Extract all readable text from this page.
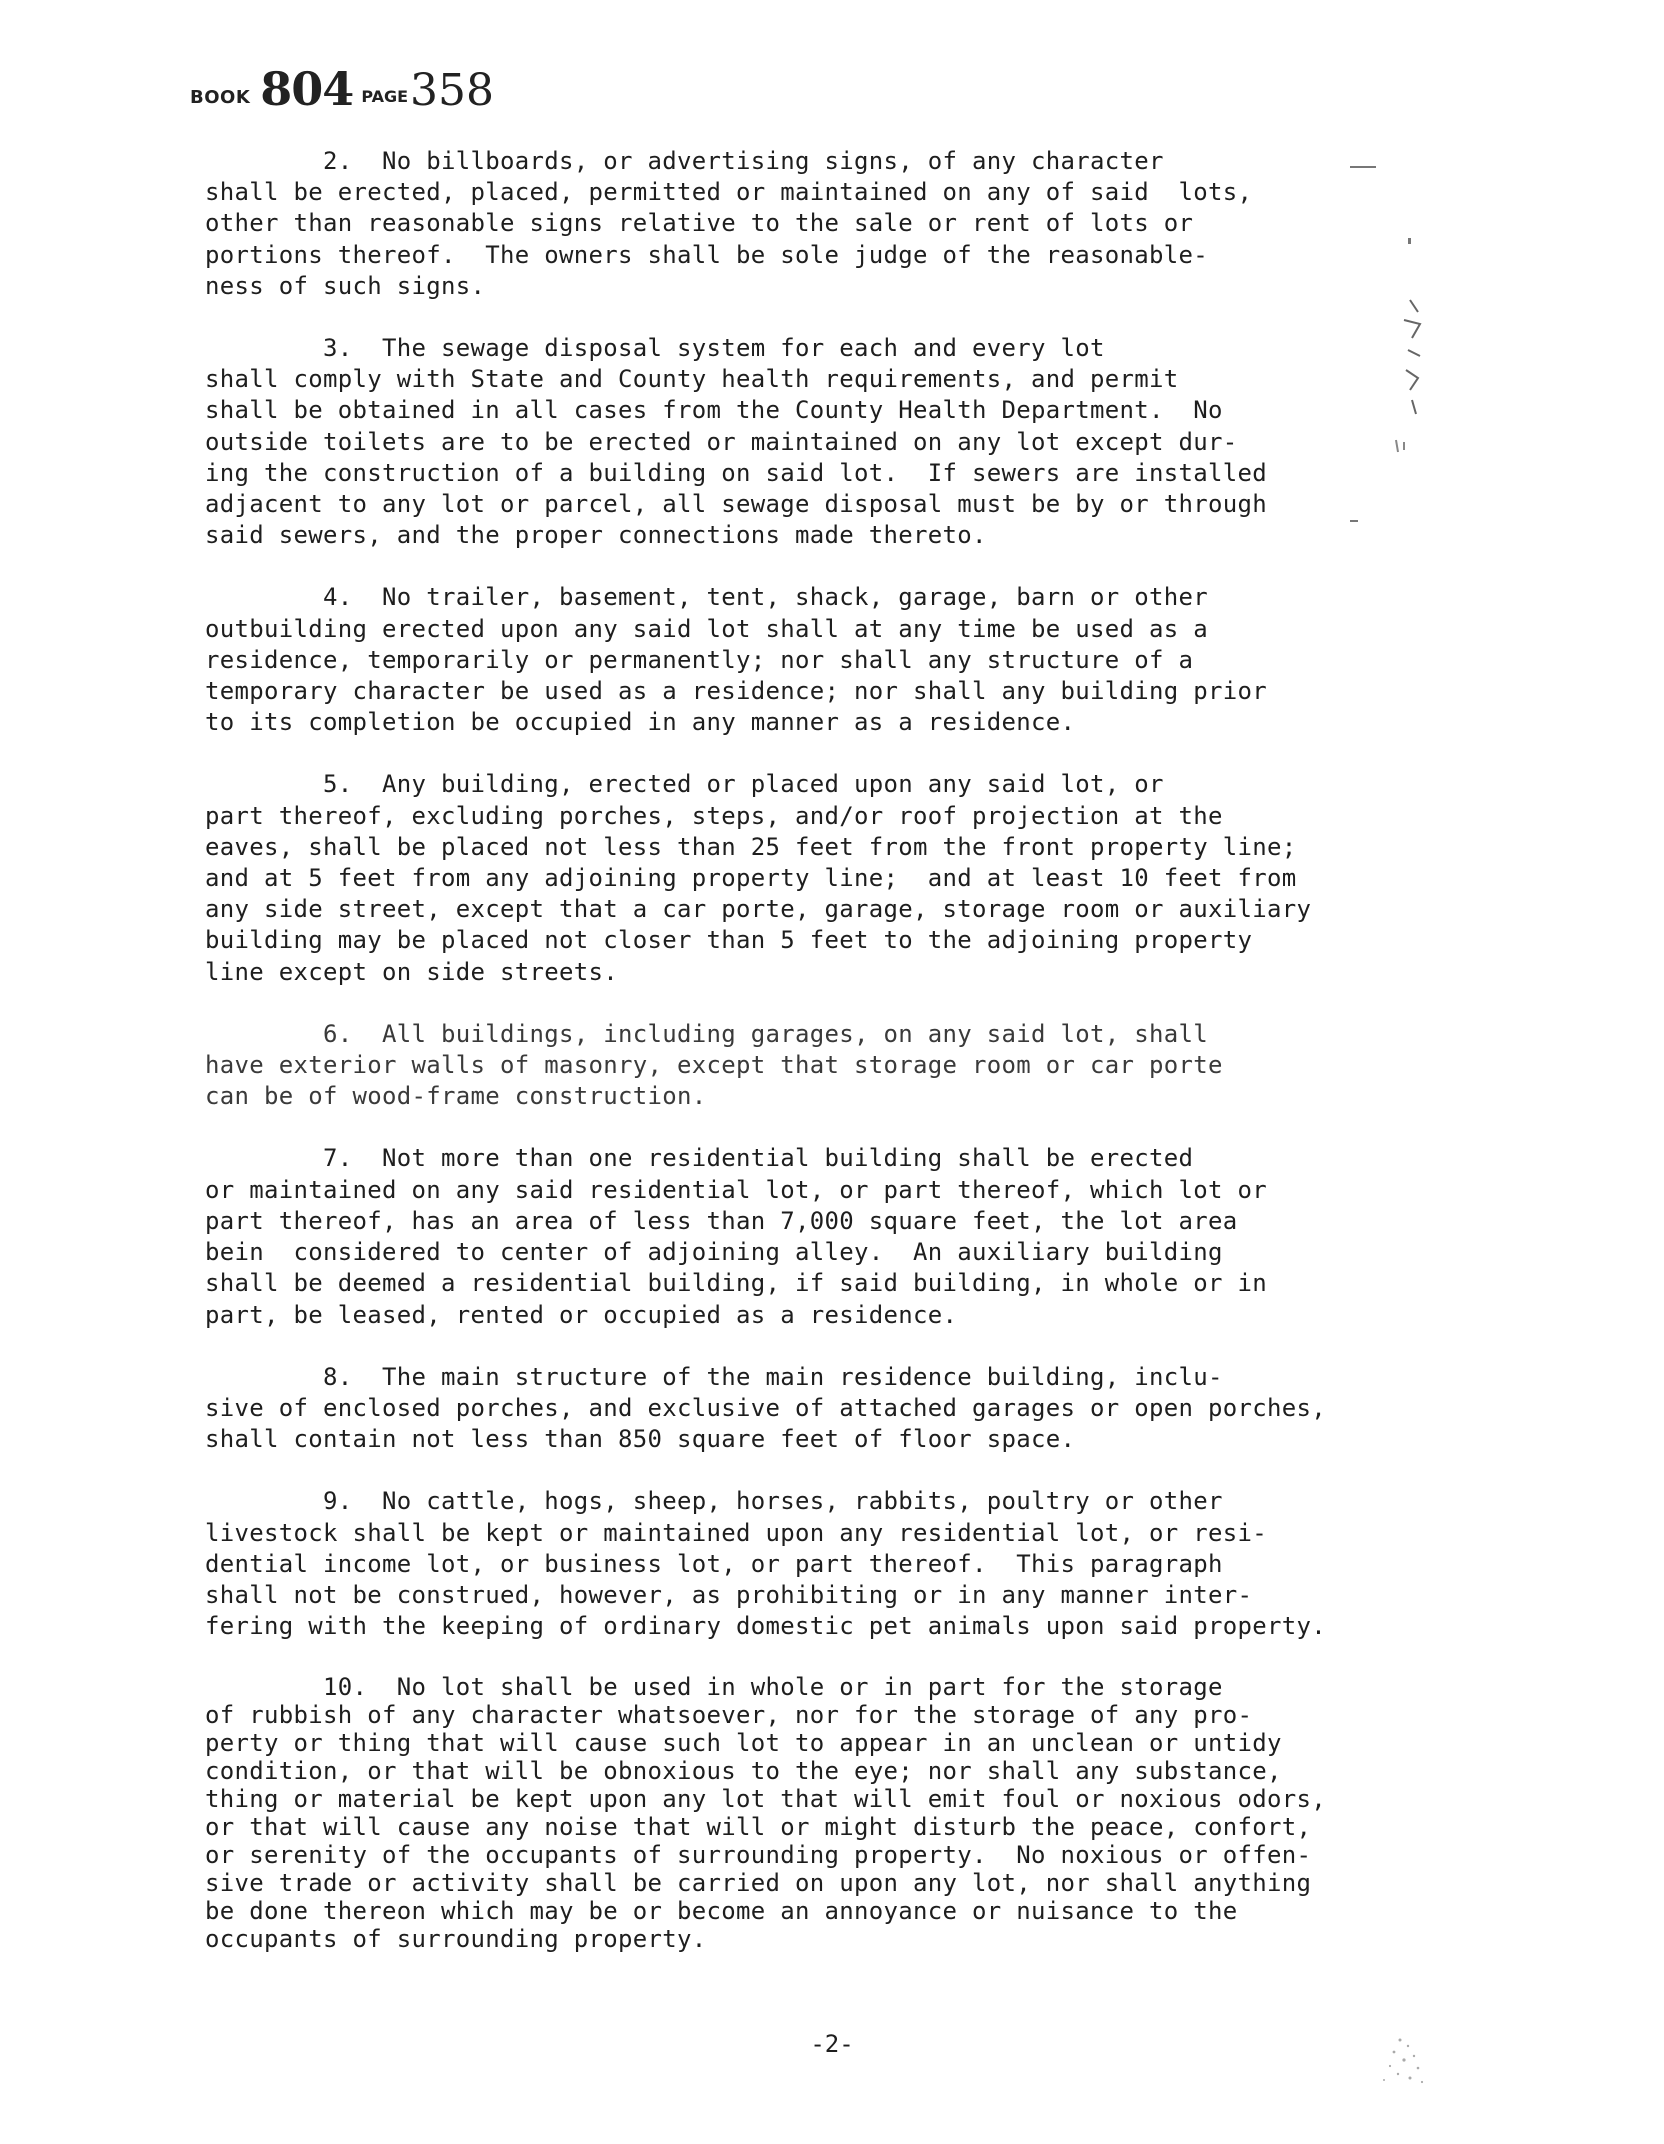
BOOK 804 PAGE 358

2.  No billboards, or advertising signs, of any character
shall be erected, placed, permitted or maintained on any of said  lots,
other than reasonable signs relative to the sale or rent of lots or
portions thereof.  The owners shall be sole judge of the reasonable-
ness of such signs.

3.  The sewage disposal system for each and every lot
shall comply with State and County health requirements, and permit
shall be obtained in all cases from the County Health Department.  No
outside toilets are to be erected or maintained on any lot except dur-
ing the construction of a building on said lot.  If sewers are installed
adjacent to any lot or parcel, all sewage disposal must be by or through
said sewers, and the proper connections made thereto.

4.  No trailer, basement, tent, shack, garage, barn or other
outbuilding erected upon any said lot shall at any time be used as a
residence, temporarily or permanently; nor shall any structure of a
temporary character be used as a residence; nor shall any building prior
to its completion be occupied in any manner as a residence.

5.  Any building, erected or placed upon any said lot, or
part thereof, excluding porches, steps, and/or roof projection at the
eaves, shall be placed not less than 25 feet from the front property line;
and at 5 feet from any adjoining property line;  and at least 10 feet from
any side street, except that a car porte, garage, storage room or auxiliary
building may be placed not closer than 5 feet to the adjoining property
line except on side streets.

6.  All buildings, including garages, on any said lot, shall
have exterior walls of masonry, except that storage room or car porte
can be of wood-frame construction.

7.  Not more than one residential building shall be erected
or maintained on any said residential lot, or part thereof, which lot or
part thereof, has an area of less than 7,000 square feet, the lot area
bein  considered to center of adjoining alley.  An auxiliary building
shall be deemed a residential building, if said building, in whole or in
part, be leased, rented or occupied as a residence.

8.  The main structure of the main residence building, inclu-
sive of enclosed porches, and exclusive of attached garages or open porches,
shall contain not less than 850 square feet of floor space.

9.  No cattle, hogs, sheep, horses, rabbits, poultry or other
livestock shall be kept or maintained upon any residential lot, or resi-
dential income lot, or business lot, or part thereof.  This paragraph
shall not be construed, however, as prohibiting or in any manner inter-
fering with the keeping of ordinary domestic pet animals upon said property.

10.  No lot shall be used in whole or in part for the storage
of rubbish of any character whatsoever, nor for the storage of any pro-
perty or thing that will cause such lot to appear in an unclean or untidy
condition, or that will be obnoxious to the eye; nor shall any substance,
thing or material be kept upon any lot that will emit foul or noxious odors,
or that will cause any noise that will or might disturb the peace, confort,
or serenity of the occupants of surrounding property.  No noxious or offen-
sive trade or activity shall be carried on upon any lot, nor shall anything
be done thereon which may be or become an annoyance or nuisance to the
occupants of surrounding property.

-2-
